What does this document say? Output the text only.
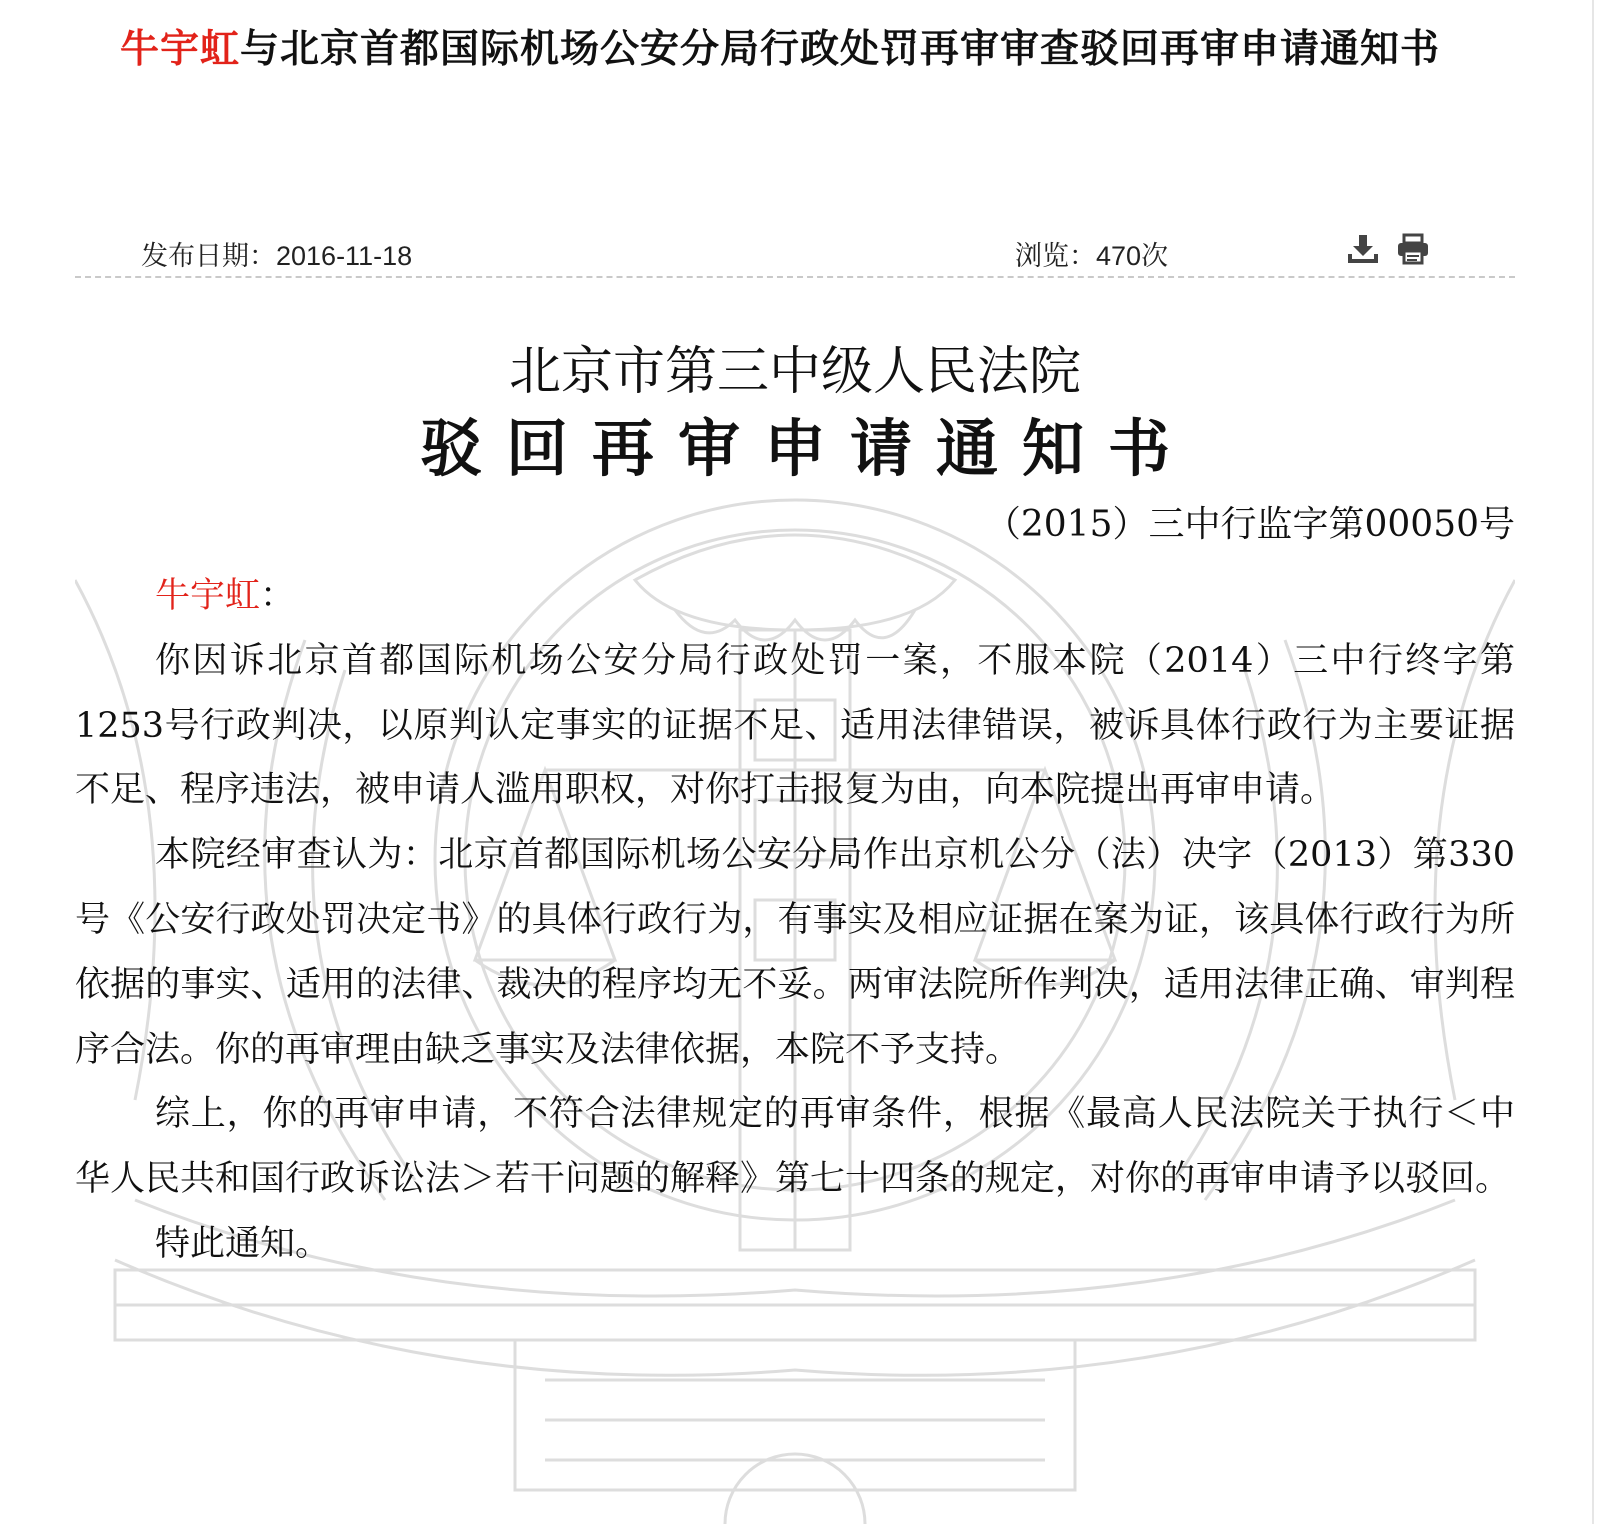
牛宇虹与北京首都国际机场公安分局行政处罚再审审查驳回再审申请通知书
发布日期：2016-11-18	浏览：470次
北京市第三中级人民法院
驳回再审申请通知书
（2015）三中行监字第00050号

牛宇虹：

你因诉北京首都国际机场公安分局行政处罚一案，不服本院（2014）三中行终字第1253号行政判决，以原判认定事实的证据不足、适用法律错误，被诉具体行政行为主要证据不足、程序违法，被申请人滥用职权，对你打击报复为由，向本院提出再审申请。

本院经审查认为：北京首都国际机场公安分局作出京机公分（法）决字（2013）第330号《公安行政处罚决定书》的具体行政行为，有事实及相应证据在案为证，该具体行政行为所依据的事实、适用的法律、裁决的程序均无不妥。两审法院所作判决，适用法律正确、审判程序合法。你的再审理由缺乏事实及法律依据，本院不予支持。

综上，你的再审申请，不符合法律规定的再审条件，根据《最高人民法院关于执行＜中华人民共和国行政诉讼法＞若干问题的解释》第七十四条的规定，对你的再审申请予以驳回。

特此通知。
